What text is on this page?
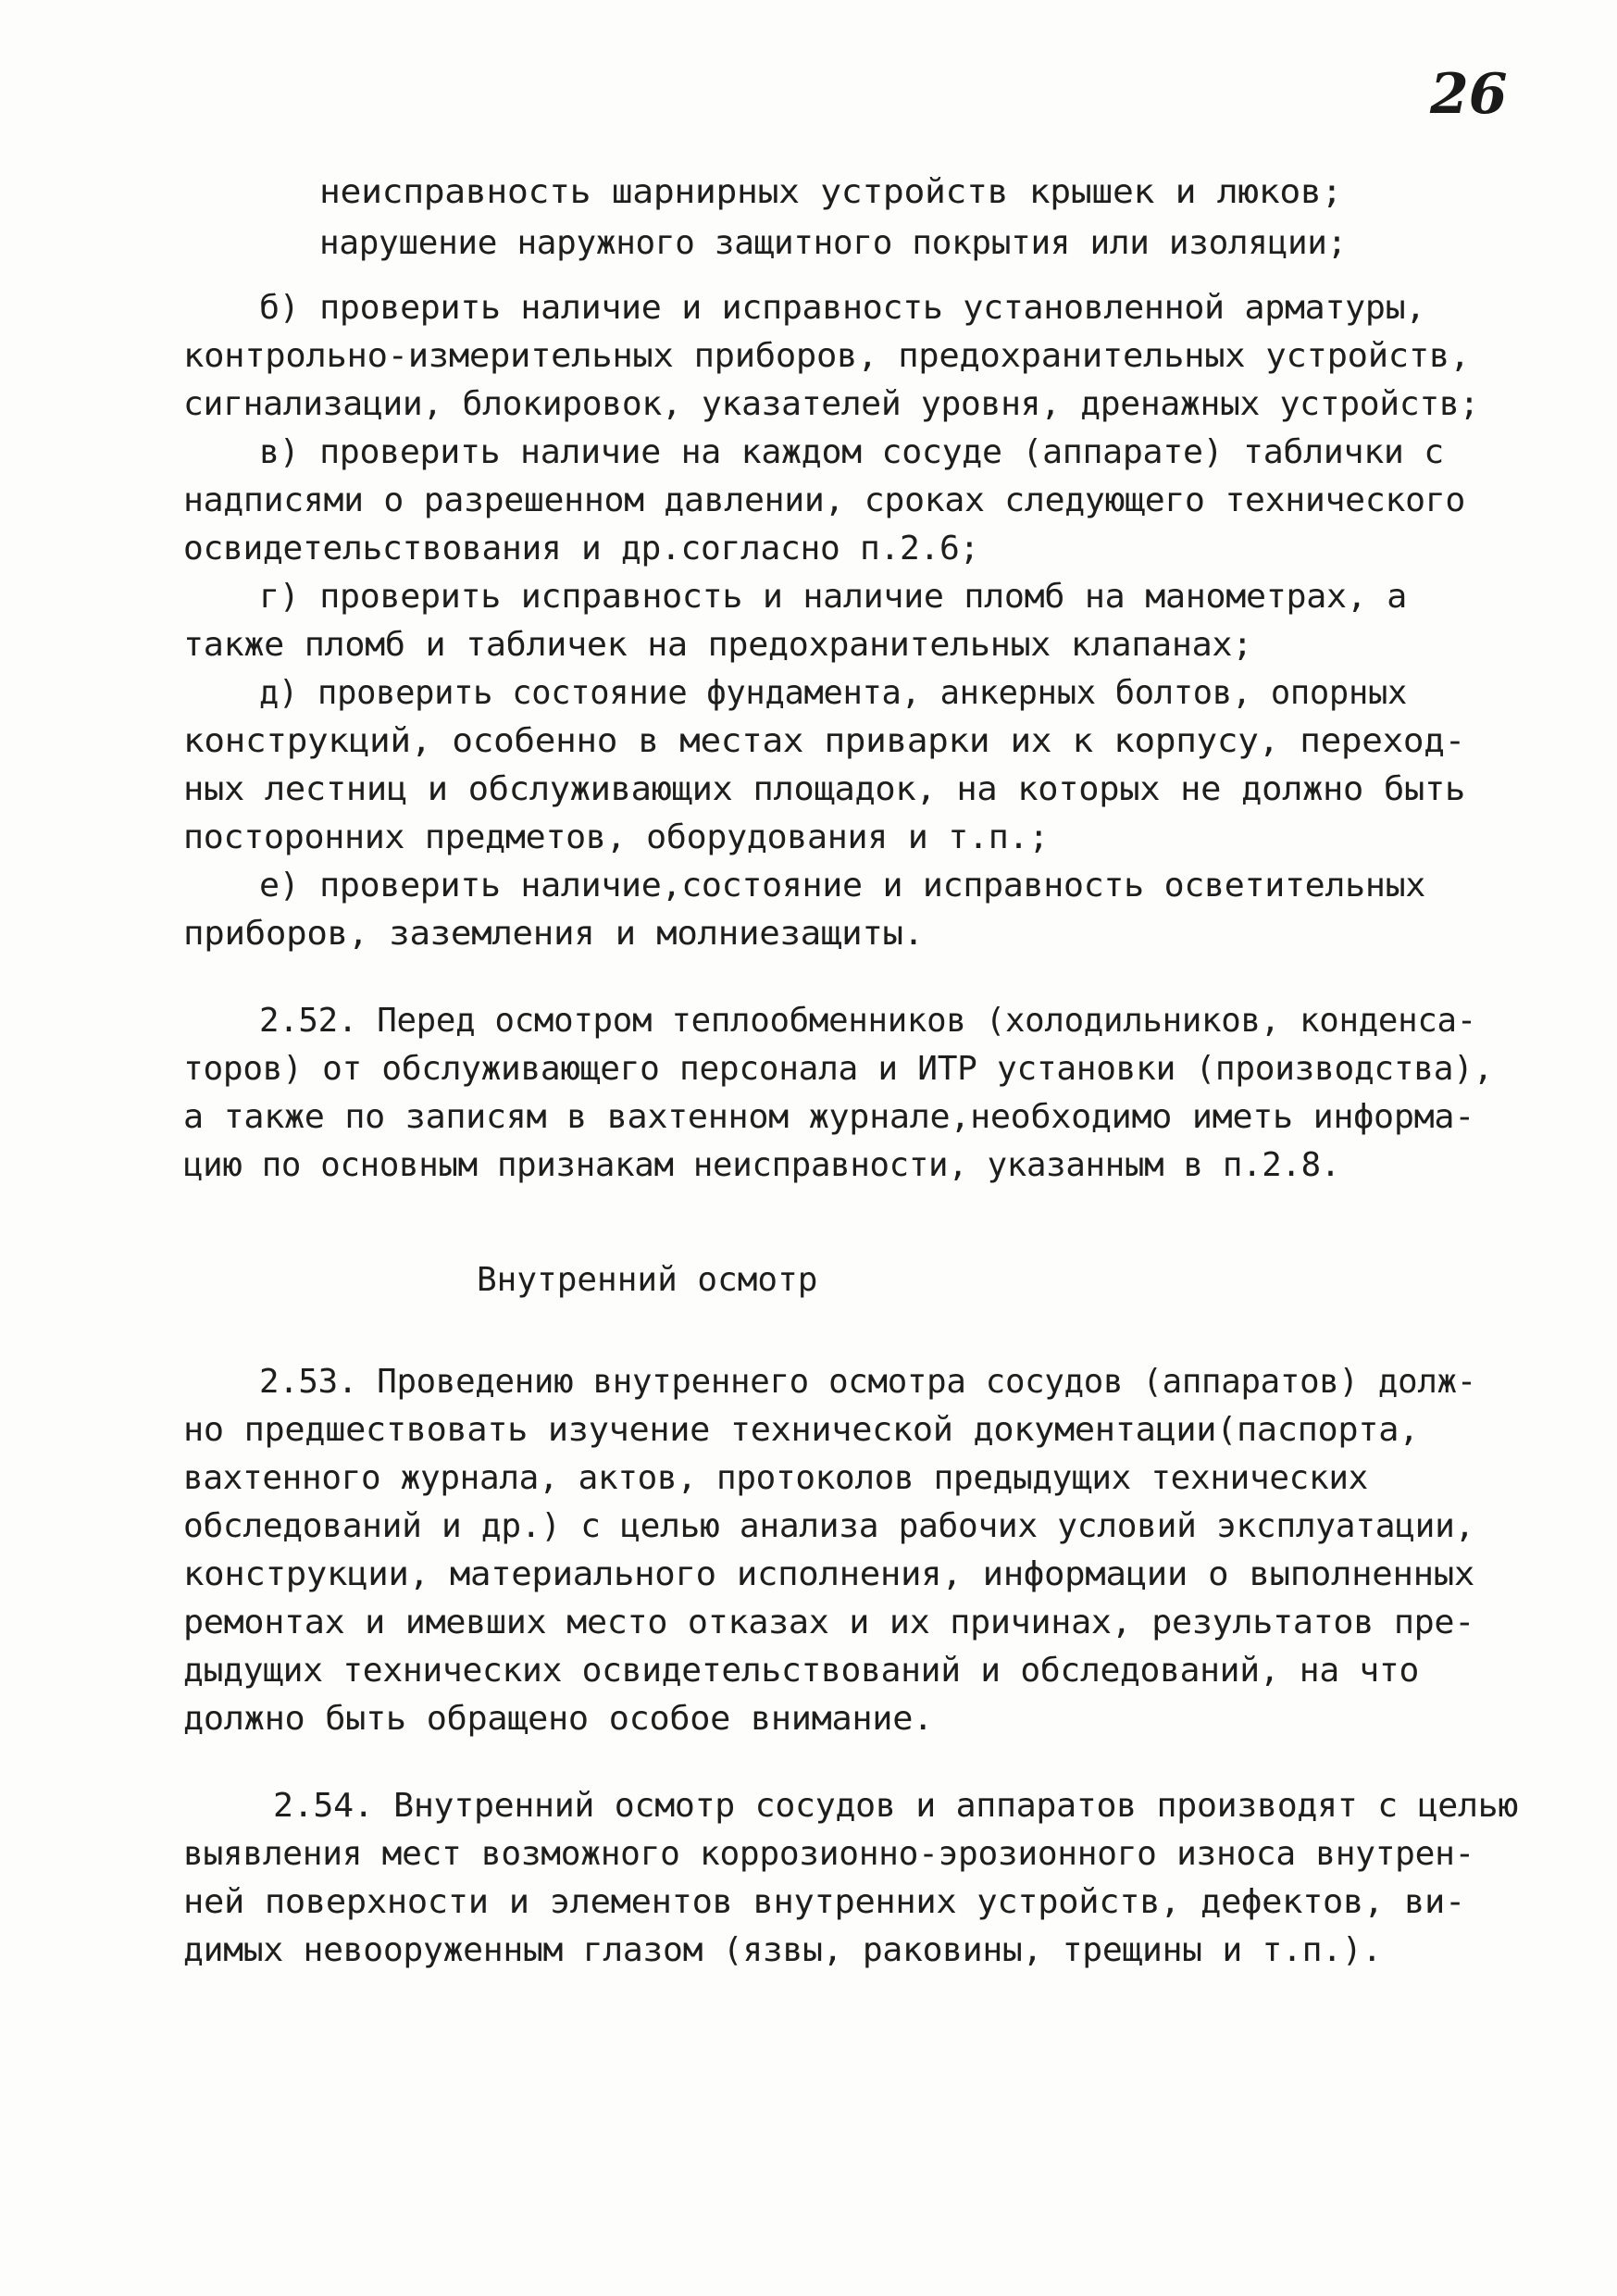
26

неисправность шарнирных устройств крышек и люков;

нарушение наружного защитного покрытия или изоляции;

б) проверить наличие и исправность установленной арматуры,

контрольно-измерительных приборов, предохранительных устройств,

сигнализации, блокировок, указателей уровня, дренажных устройств;

в) проверить наличие на каждом сосуде (аппарате) таблички с

надписями о разрешенном давлении, сроках следующего технического

освидетельствования и др.согласно п.2.6;

г) проверить исправность и наличие пломб на манометрах, а

также пломб и табличек на предохранительных клапанах;

д) проверить состояние фундамента, анкерных болтов, опорных

конструкций, особенно в местах приварки их к корпусу, переход-

ных лестниц и обслуживающих площадок, на которых не должно быть

посторонних предметов, оборудования и т.п.;

е) проверить наличие,состояние и исправность осветительных

приборов, заземления и молниезащиты.

2.52. Перед осмотром теплообменников (холодильников, конденса-

торов) от обслуживающего персонала и ИТР установки (производства),

а также по записям в вахтенном журнале,необходимо иметь информа-

цию по основным признакам неисправности, указанным в п.2.8.

Внутренний осмотр

2.53. Проведению внутреннего осмотра сосудов (аппаратов) долж-

но предшествовать изучение технической документации(паспорта,

вахтенного журнала, актов, протоколов предыдущих технических

обследований и др.) с целью анализа рабочих условий эксплуатации,

конструкции, материального исполнения, информации о выполненных

ремонтах и имевших место отказах и их причинах, результатов пре-

дыдущих технических освидетельствований и обследований, на что

должно быть обращено особое внимание.

2.54. Внутренний осмотр сосудов и аппаратов производят с целью

выявления мест возможного коррозионно-эрозионного износа внутрен-

ней поверхности и элементов внутренних устройств, дефектов, ви-

димых невооруженным глазом (язвы, раковины, трещины и т.п.).
